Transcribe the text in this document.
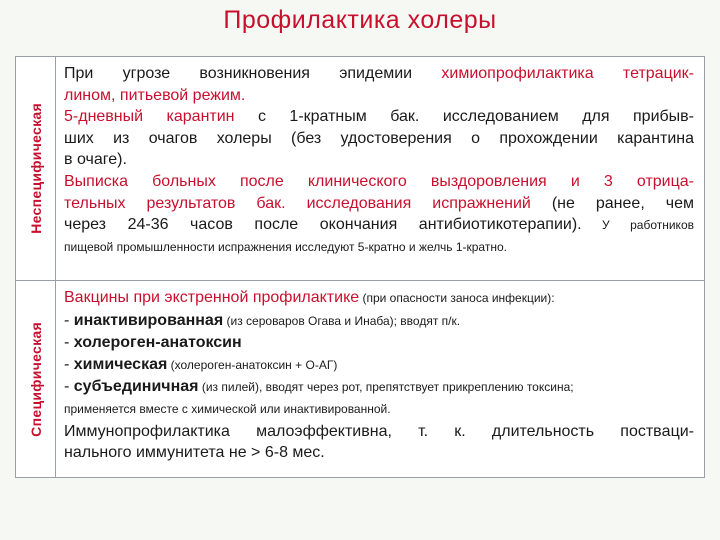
Профилактика холеры
Неспецифическая

При угрозе возникновения эпидемии химиопрофилактика тетрацик-

лином, питьевой режим.

5-дневный карантин с 1-кратным бак. исследованием для прибыв-

ших из очагов холеры (без удостоверения о прохождении карантина

в очаге).

Выписка больных после клинического выздоровления и 3 отрица-

тельных результатов бак. исследования испражнений (не ранее, чем

через 24-36 часов после окончания антибиотикотерапии). У работников

пищевой промышленности испражнения исследуют 5-кратно и желчь 1-кратно.

Специфическая

Вакцины при экстренной профилактике (при опасности заноса инфекции):

- инактивированная (из сероваров Огава и Инаба); вводят п/к.

- холероген-анатоксин

- химическая (холероген-анатоксин + О-АГ)

- субъединичная (из пилей), вводят через рот, препятствует прикреплению токсина;

применяется вместе с химической или инактивированной.

Иммунопрофилактика малоэффективна, т. к. длительность поствaци-

нального иммунитета не > 6-8 мес.
